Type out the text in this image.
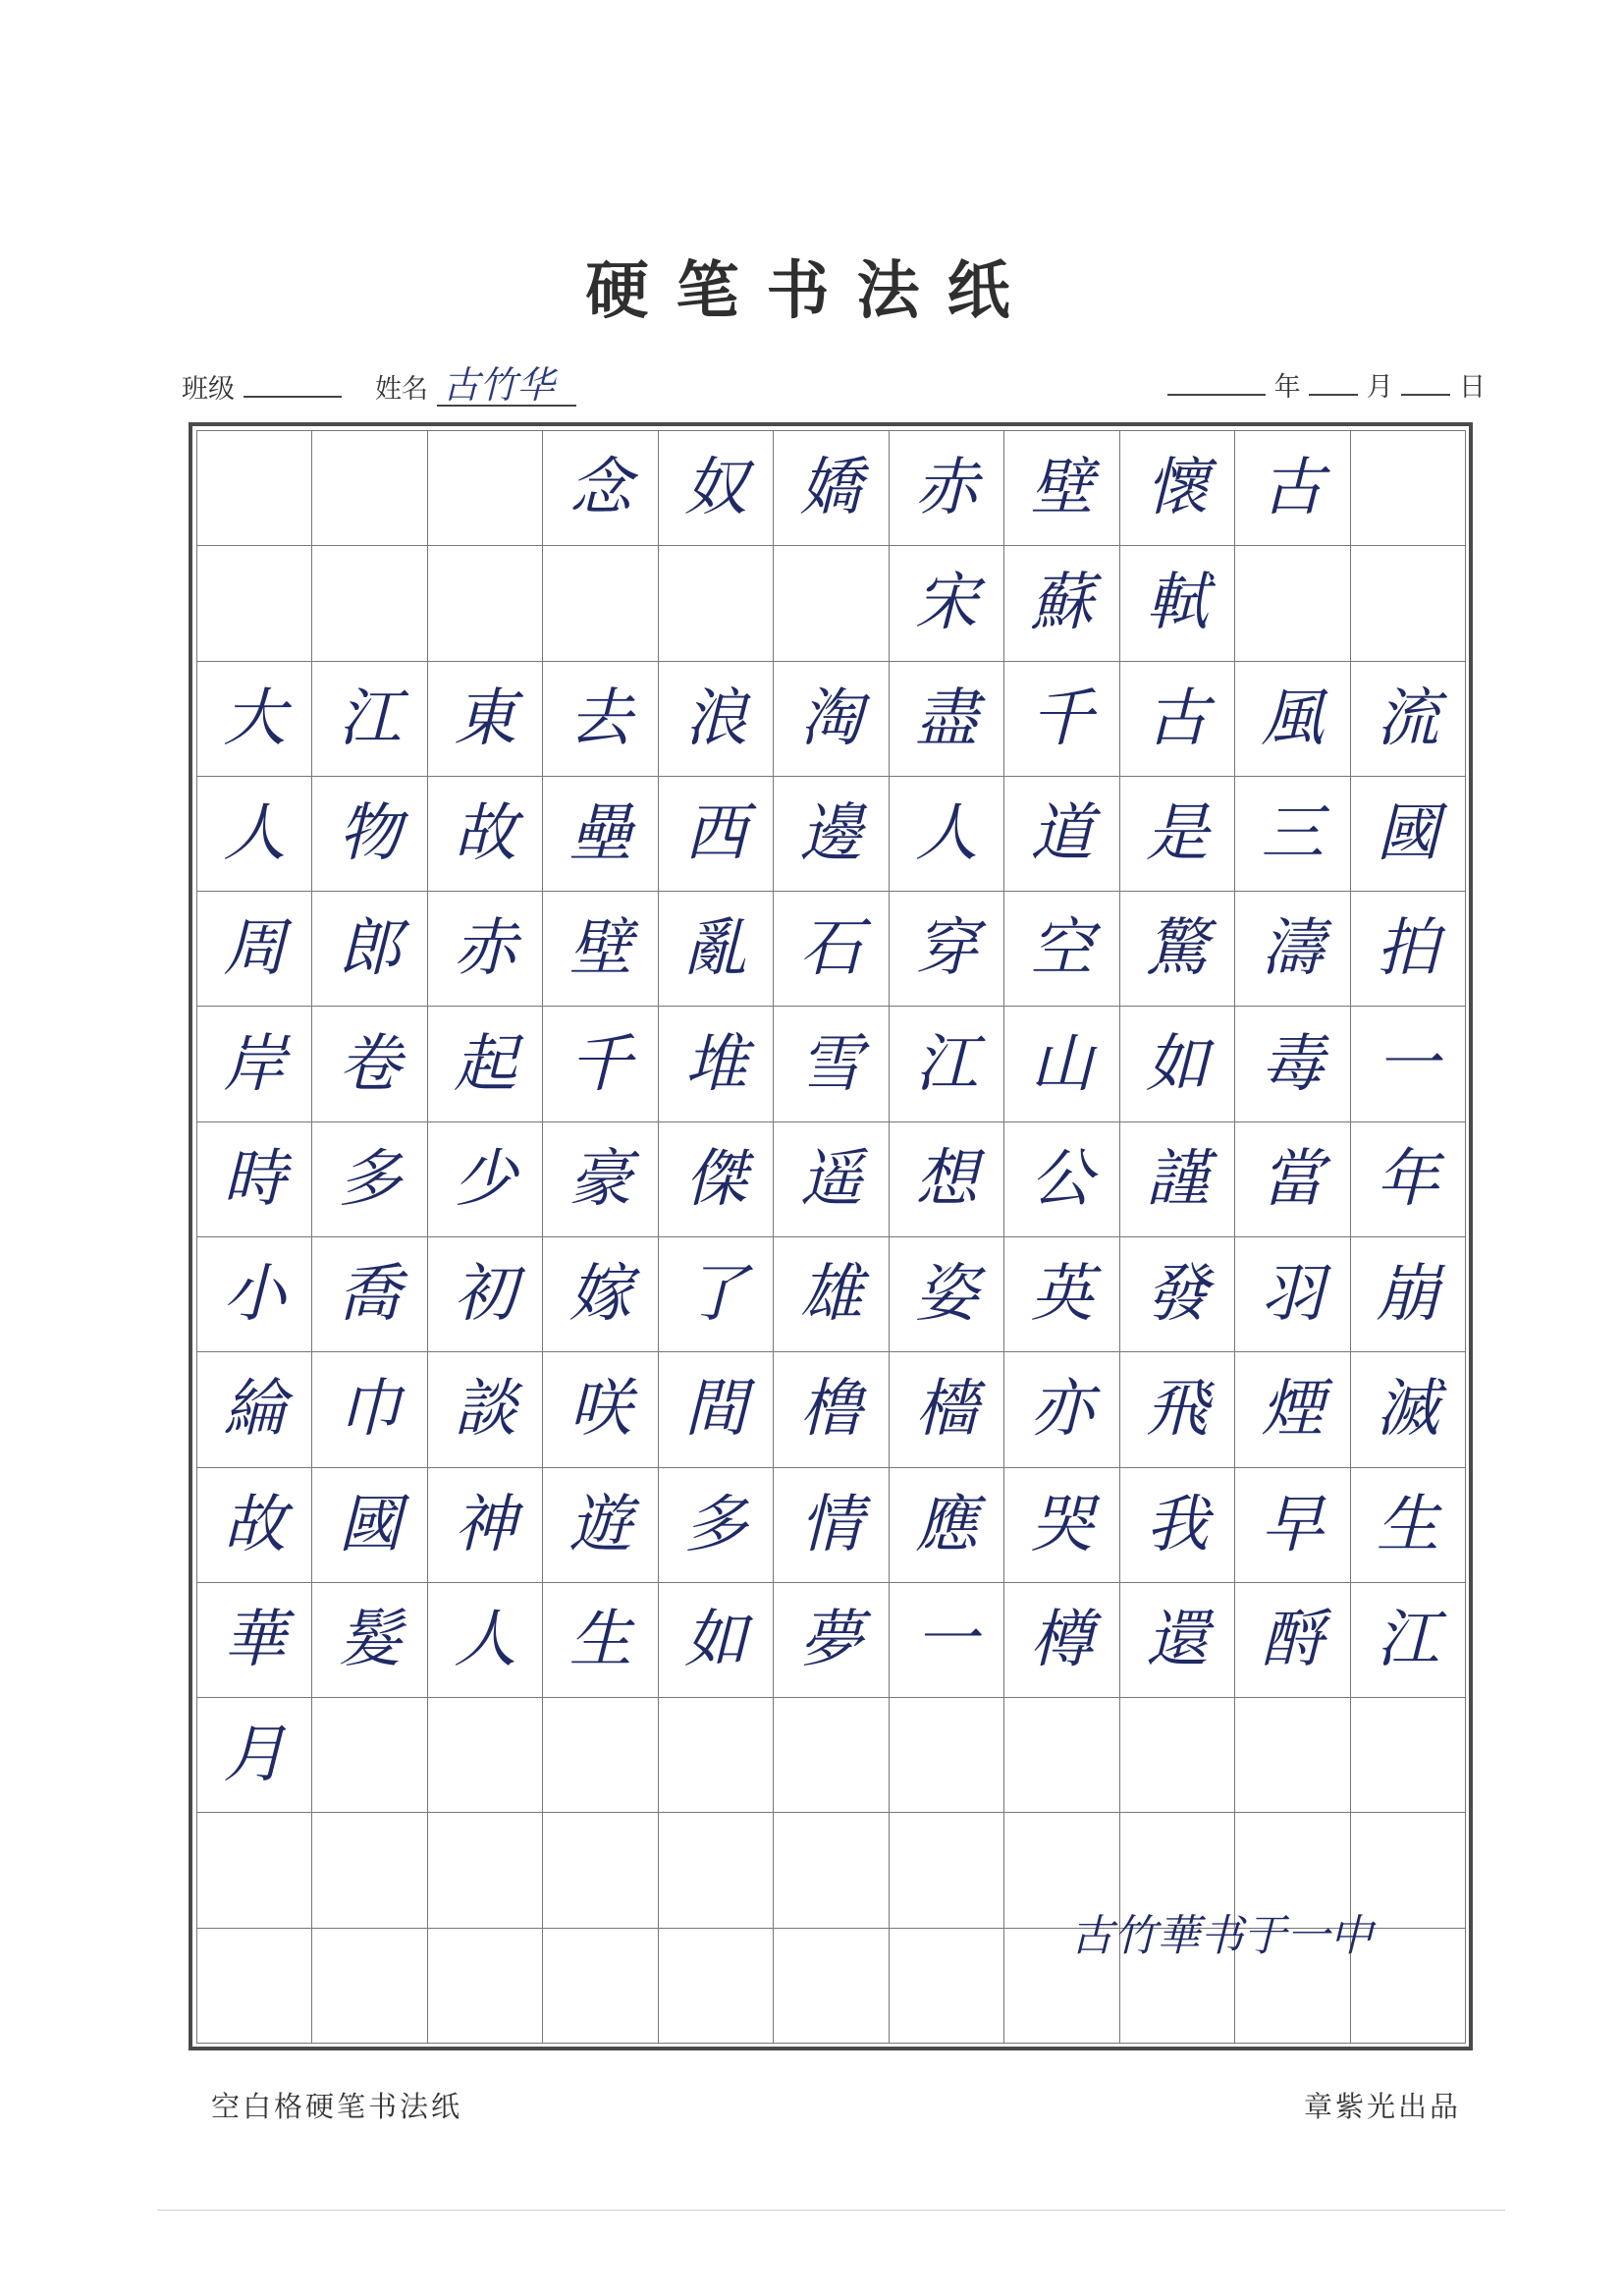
硬笔书法纸
班级	姓名 古竹华	年 月 日
念 奴 嬌 赤 壁 懷 古
宋 蘇 軾
大 江 東 去 浪 淘 盡 千 古 風 流
人 物 故 壘 西 邊 人 道 是 三 國
周 郎 赤 壁 亂 石 穿 空 驚 濤 拍
岸 卷 起 千 堆 雪 江 山 如 毒 一
時 多 少 豪 傑 遥 想 公 謹 當 年
小 喬 初 嫁 了 雄 姿 英 發 羽 崩
綸 巾 談 咲 間 橹 檣 亦 飛 煙 滅
故 國 神 遊 多 情 應 哭 我 早 生
華 髮 人 生 如 夢 一 樽 還 酹 江
月
古竹華书于一中
空白格硬笔书法纸	章紫光出品
